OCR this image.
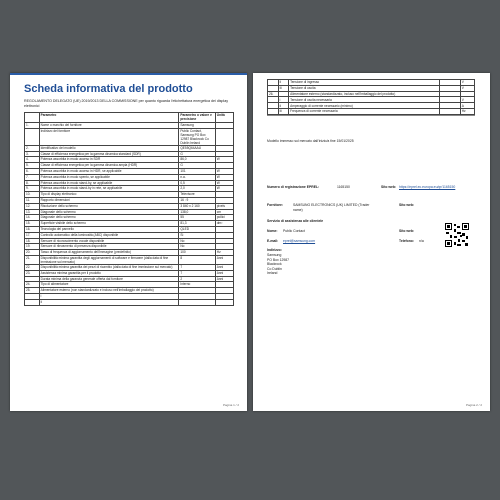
Scheda informativa del prodotto
REGOLAMENTO DELEGATO (UE) 2019/2013 DELLA COMMISSIONE per quanto riguarda l'etichettatura energetica dei display elettronici
	Parametro	Parametro o valore e precisione	Unità
1.	Nome o marchio del fornitore	Samsung	
	Indirizzo del fornitore	Public Contact, Samsung PO Box 12987 Blackrock Co Dublin Ireland	
2.	Identificativo del modello	QE55Q64AAU	
3.	Classe di efficienza energetica per la gamma dinamica standard (SDR)	G	
4.	Potenza assorbita in modo acceso in SDR	86,0	W
5.	Classe di efficienza energetica per la gamma dinamica ampia (HDR)	G	
6.	Potenza assorbita in modo acceso in HDR, se applicabile	101	W
7.	Potenza assorbita in modo spento, se applicabile	n.a.	W
8.	Potenza assorbita in modo stand-by, se applicabile	0,5	W
9.	Potenza assorbita in modo stand-by in rete, se applicabile	2,0	W
10.	Tipo di display elettronico	Televisore	
11.	Rapporto dimensioni	16 : 9	
12.	Risoluzione dello schermo	3 840 x 2 160	pixels
13.	Diagonale dello schermo	138,0	cm
14.	Diagonale dello schermo	55	pollici
15.	Superficie visibile dello schermo	81,3	dm²
16.	Tecnologia del pannello	QLED	
17.	Controllo automatico della luminosità (ABC) disponibile	Sì	
18.	Sensore di riconoscimento vocale disponibile	No	
19.	Sensore di rilevamento di presenza disponibile	No	
20.	Tasso di frequenza di aggiornamento dell'immagine (predefinito)	100	Hz
21.	Disponibilità minima garantita degli aggiornamenti di software e firmware (dalla data di fine immissione sul mercato)	8	Anni
22.	Disponibilità minima garantita dei pezzi di ricambio (dalla data di fine immissione sul mercato)	7	Anni
23.	Assistenza minima garantita per il prodotto	7	Anni
	Durata minima della garanzia generale offerta dal fornitore	2	Anni
24.	Tipo di alimentatore	Interno	
25.	Alimentatore esterno (non standardizzato e incluso nell'imballaggio del prodotto)		
	i		
	ii		
Pagina 1 / 2
	ii	Tensione di ingresso		V
	iii	Tensione di uscita		V
26.		Alimentatore esterno (standardizzato, incluso nell'imballaggio del prodotto)		
	i	Tensione di uscita necessaria		V
	ii	Amperaggio di corrente necessario (minimo)		A
	iii	Frequenza di corrente necessaria		Hz
Modello immesso sul mercato dall'inizio/a fine 15/01/2025
Numero di registrazione EPREL:	1165150	Sito web: https://eprel.ec.europa.eu/qr/1165150
Fornitore:	SAMSUNG ELECTRONICS (UK) LIMITED (Trader name)
Sito web:
Servizio di assistenza alle clientele
Nome: Public Contact	Sito web:
E-mail: eprel@samsung.com	Telefono: n/a
Indirizzo:
Samsung
PO Box 12987
Blackrock
Co Dublin
Ireland
Pagina 2 / 2
